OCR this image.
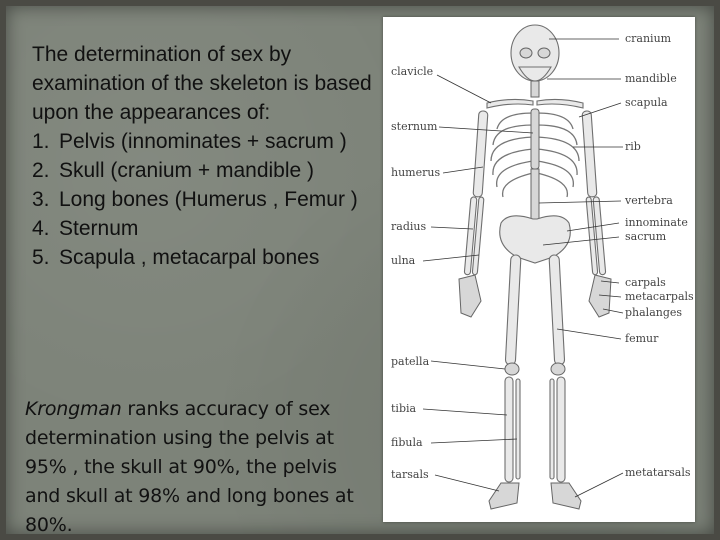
The determination of sex by examination of the skeleton is based upon the appearances of:

1. Pelvis (innominates + sacrum )
2. Skull (cranium + mandible )
3. Long bones (Humerus , Femur )
4. Sternum
5. Scapula , metacarpal bones

Krongman ranks accuracy of sex determination using the pelvis at 95% , the skull at 90%, the pelvis and skull at 98% and long bones at 80%.

clavicle
sternum
humerus
radius
ulna
patella
tibia
fibula
tarsals
cranium
mandible
scapula
rib
vertebra
innominate
sacrum
carpals
metacarpals
phalanges
femur
metatarsals
